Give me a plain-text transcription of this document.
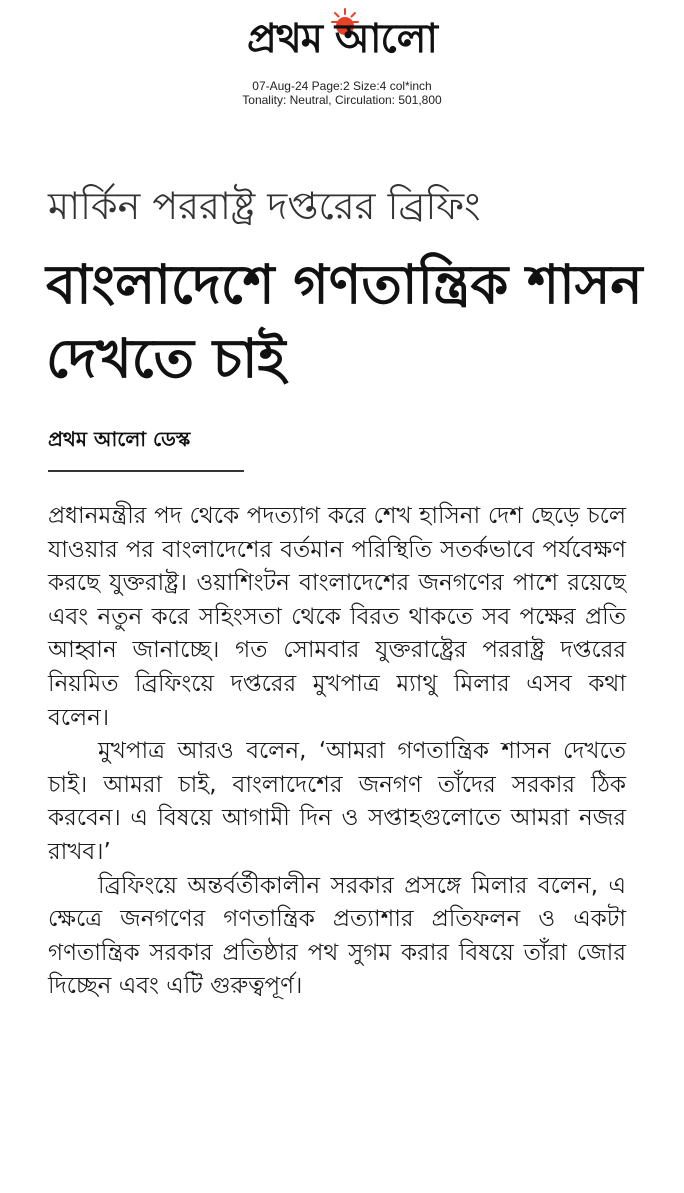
প্রথম আলো
07-Aug-24 Page:2 Size:4 col*inch
Tonality: Neutral, Circulation: 501,800
মার্কিন পররাষ্ট্র দপ্তরের ব্রিফিং
বাংলাদেশে গণতান্ত্রিক শাসন দেখতে চাই
প্রথম আলো ডেস্ক

প্রধানমন্ত্রীর পদ থেকে পদত্যাগ করে শেখ হাসিনা দেশ ছেড়ে চলে যাওয়ার পর বাংলাদেশের বর্তমান পরিস্থিতি সতর্কভাবে পর্যবেক্ষণ করছে যুক্তরাষ্ট্র। ওয়াশিংটন বাংলাদেশের জনগণের পাশে রয়েছে এবং নতুন করে সহিংসতা থেকে বিরত থাকতে সব পক্ষের প্রতি আহ্বান জানাচ্ছে। গত সোমবার যুক্তরাষ্ট্রের পররাষ্ট্র দপ্তরের নিয়মিত ব্রিফিংয়ে দপ্তরের মুখপাত্র ম্যাথু মিলার এসব কথা বলেন।

মুখপাত্র আরও বলেন, ‘আমরা গণতান্ত্রিক শাসন দেখতে চাই। আমরা চাই, বাংলাদেশের জনগণ তাঁদের সরকার ঠিক করবেন। এ বিষয়ে আগামী দিন ও সপ্তাহগুলোতে আমরা নজর রাখব।’

ব্রিফিংয়ে অন্তর্বর্তীকালীন সরকার প্রসঙ্গে মিলার বলেন, এ ক্ষেত্রে জনগণের গণতান্ত্রিক প্রত্যাশার প্রতিফলন ও একটা গণতান্ত্রিক সরকার প্রতিষ্ঠার পথ সুগম করার বিষয়ে তাঁরা জোর দিচ্ছেন এবং এটি গুরুত্বপূর্ণ।
